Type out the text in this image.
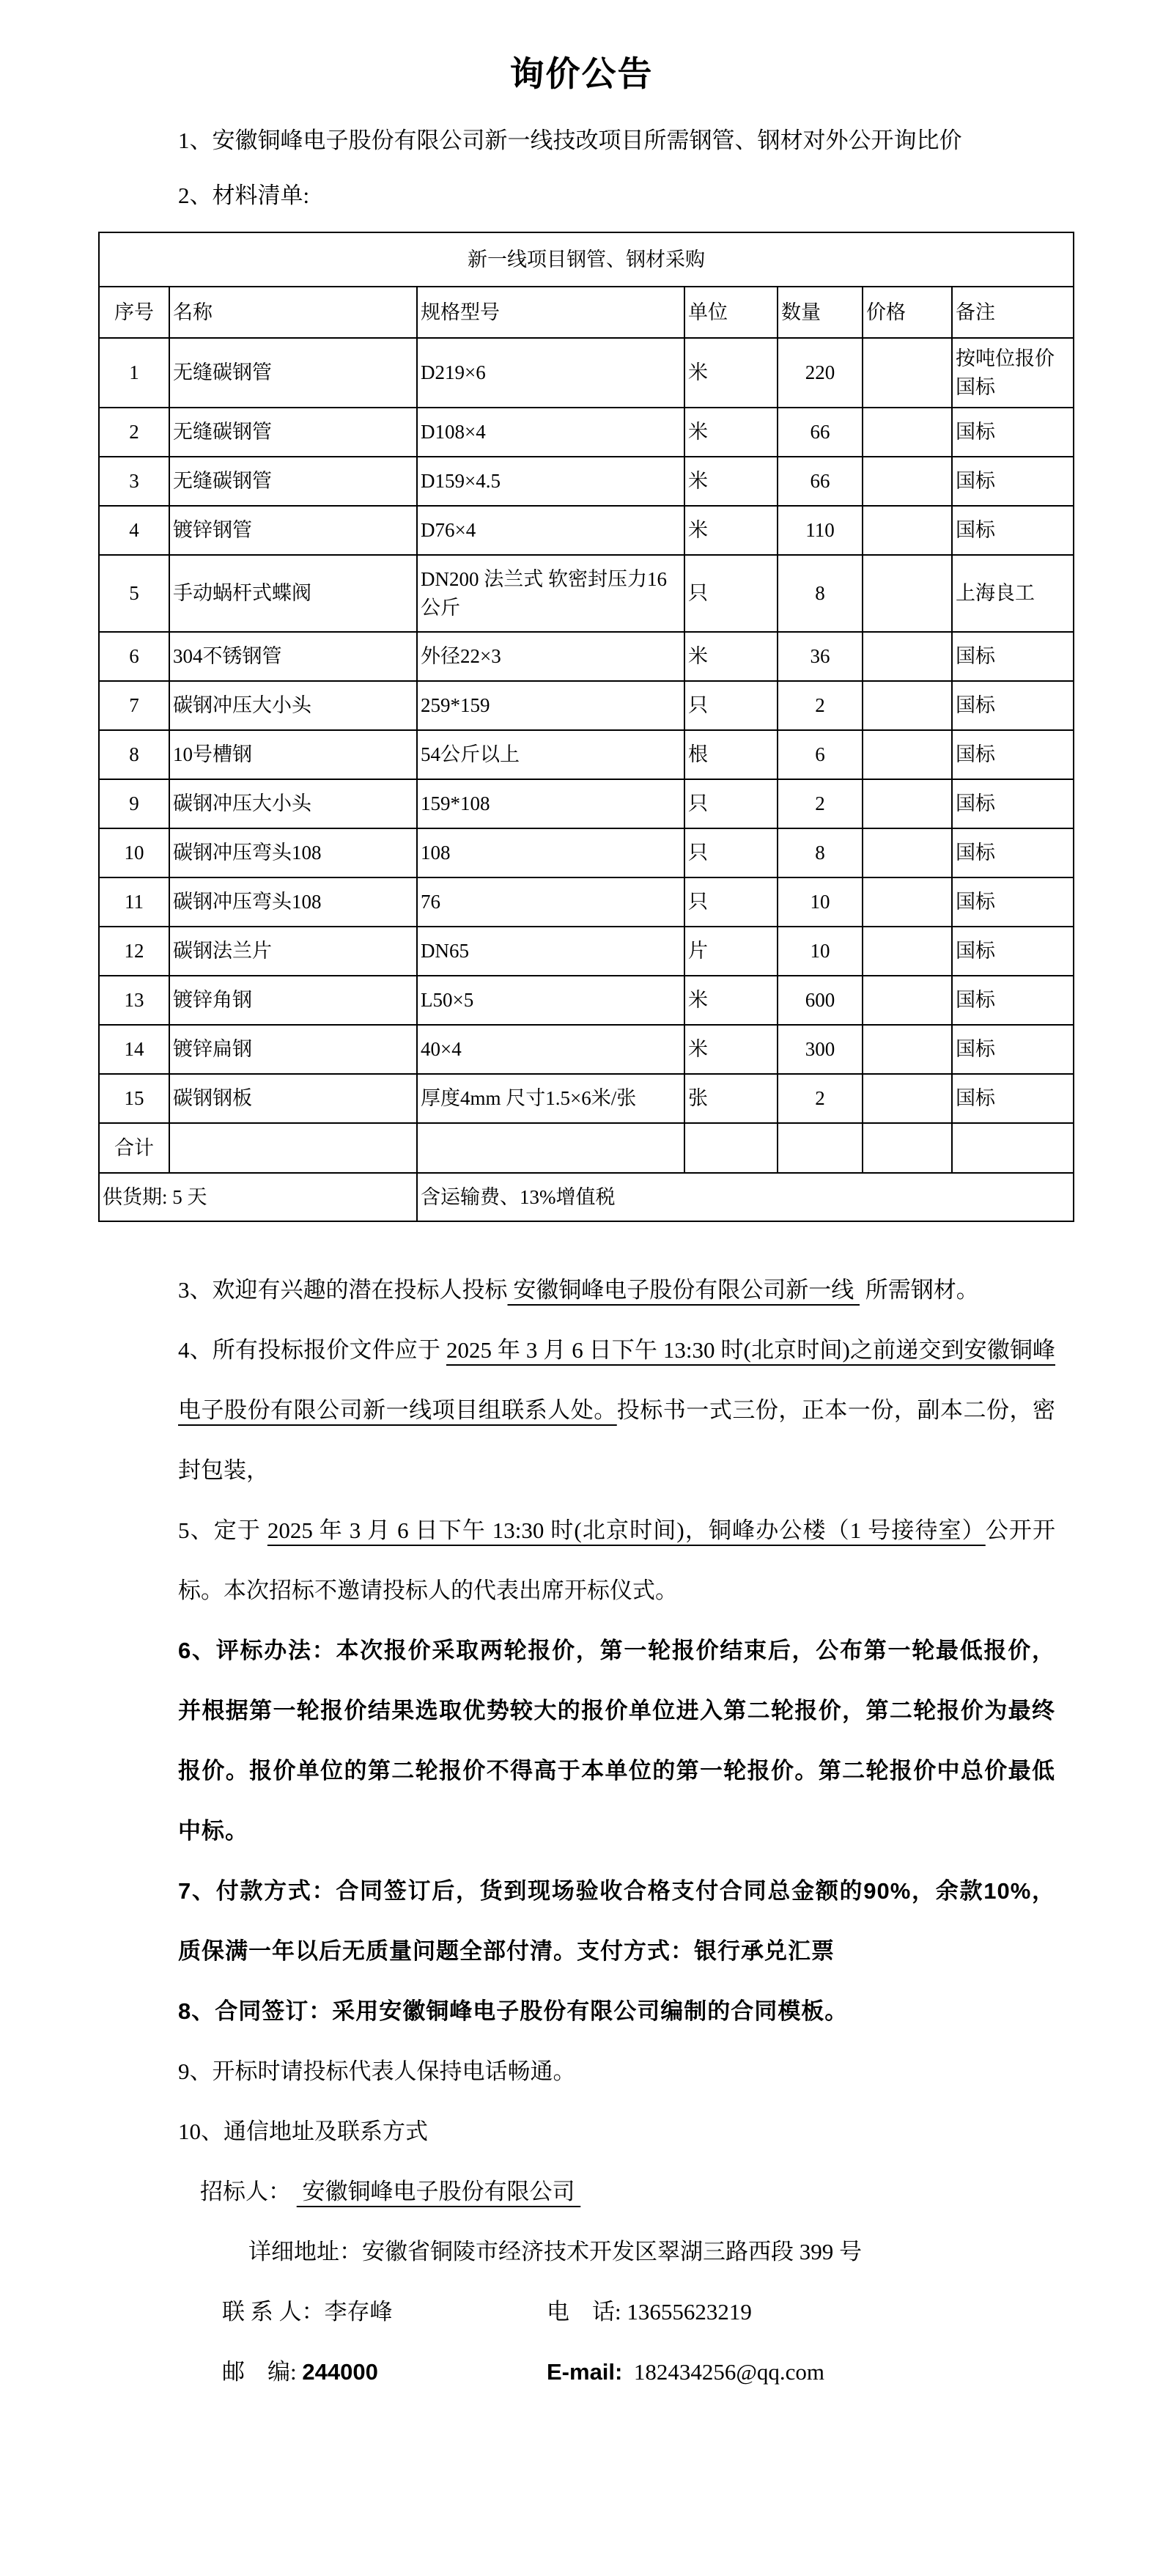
询价公告

1、安徽铜峰电子股份有限公司新一线技改项目所需钢管、钢材对外公开询比价

2、材料清单:

新一线项目钢管、钢材采购						
序号	名称	规格型号	单位	数量	价格	备注
1	无缝碳钢管	D219×6	米	220		按吨位报价 国标
2	无缝碳钢管	D108×4	米	66		国标
3	无缝碳钢管	D159×4.5	米	66		国标
4	镀锌钢管	D76×4	米	110		国标
5	手动蜗杆式蝶阀	DN200 法兰式 软密封压力16公斤	只	8		上海良工
6	304不锈钢管	外径22×3	米	36		国标
7	碳钢冲压大小头	259*159	只	2		国标
8	10号槽钢	54公斤以上	根	6		国标
9	碳钢冲压大小头	159*108	只	2		国标
10	碳钢冲压弯头108	108	只	8		国标
11	碳钢冲压弯头108	76	只	10		国标
12	碳钢法兰片	DN65	片	10		国标
13	镀锌角钢	L50×5	米	600		国标
14	镀锌扁钢	40×4	米	300		国标
15	碳钢钢板	厚度4mm 尺寸1.5×6米/张	张	2		国标
合计						
供货期: 5 天		含运输费、13%增值税				

3、欢迎有兴趣的潜在投标人投标 安徽铜峰电子股份有限公司新一线  所需钢材。

4、所有投标报价文件应于 2025 年 3 月 6 日下午 13:30 时(北京时间)之前递交到安徽铜峰电子股份有限公司新一线项目组联系人处。投标书一式三份，正本一份，副本二份，密封包装，

5、定于 2025 年 3 月 6 日下午 13:30 时(北京时间)，铜峰办公楼（1 号接待室）公开开标。本次招标不邀请投标人的代表出席开标仪式。

6、评标办法：本次报价采取两轮报价，第一轮报价结束后，公布第一轮最低报价，并根据第一轮报价结果选取优势较大的报价单位进入第二轮报价，第二轮报价为最终报价。报价单位的第二轮报价不得高于本单位的第一轮报价。第二轮报价中总价最低中标。

7、付款方式：合同签订后，货到现场验收合格支付合同总金额的90%，余款10%，质保满一年以后无质量问题全部付清。支付方式：银行承兑汇票

8、合同签订：采用安徽铜峰电子股份有限公司编制的合同模板。

9、开标时请投标代表人保持电话畅通。

10、通信地址及联系方式

招标人：  安徽铜峰电子股份有限公司
详细地址：安徽省铜陵市经济技术开发区翠湖三路西段 399 号
联 系 人：李存峰	电    话: 13655623219
邮    编: 244000	E-mail:  182434256@qq.com
